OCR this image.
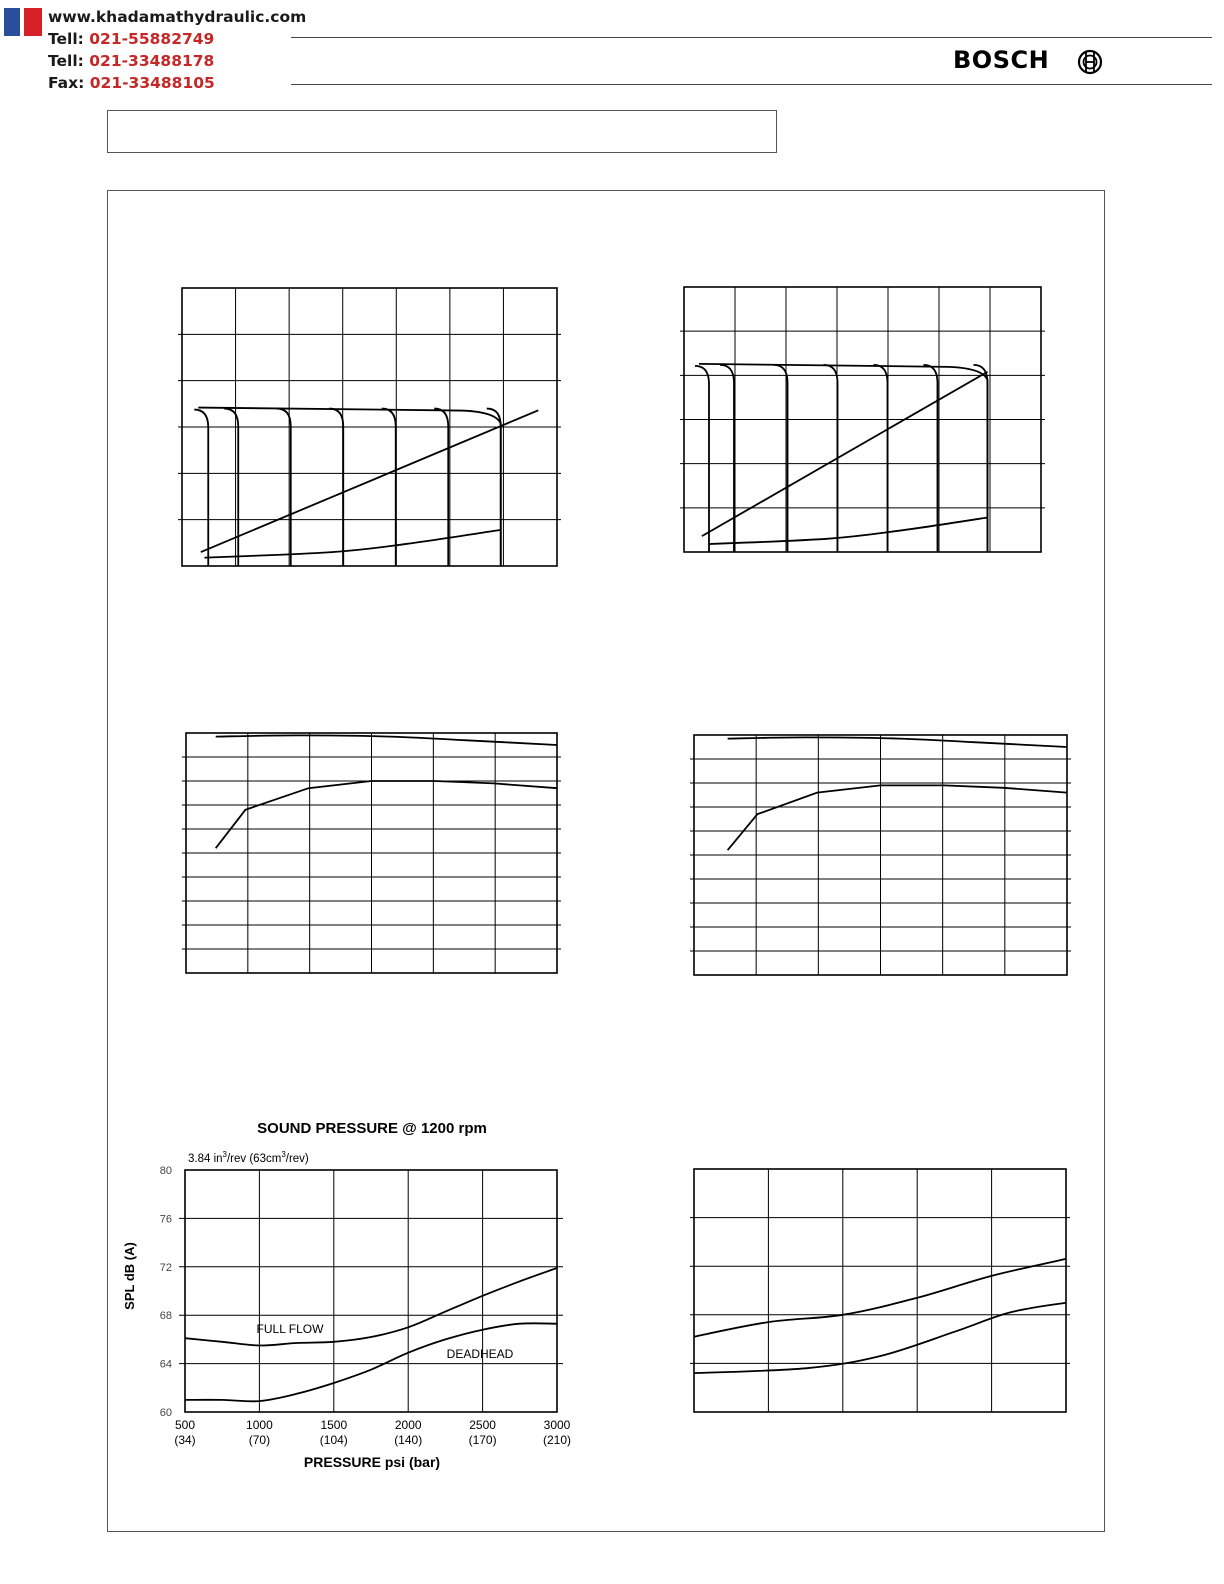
www.khadamathydraulic.com
Tell: 021-55882749
Tell: 021-33488178
Fax: 021-33488105
BOSCH
80
76
72
68
64
60
500
(34)
1000
(70)
1500
(104)
2000
(140)
2500
(170)
3000
(210)
SOUND PRESSURE @ 1200 rpm
3.84 $in^3$/rev $(63cm^3/rev)$
SPL dB (A)
PRESSURE psi (bar)
FULL FLOW
DEADHEAD
